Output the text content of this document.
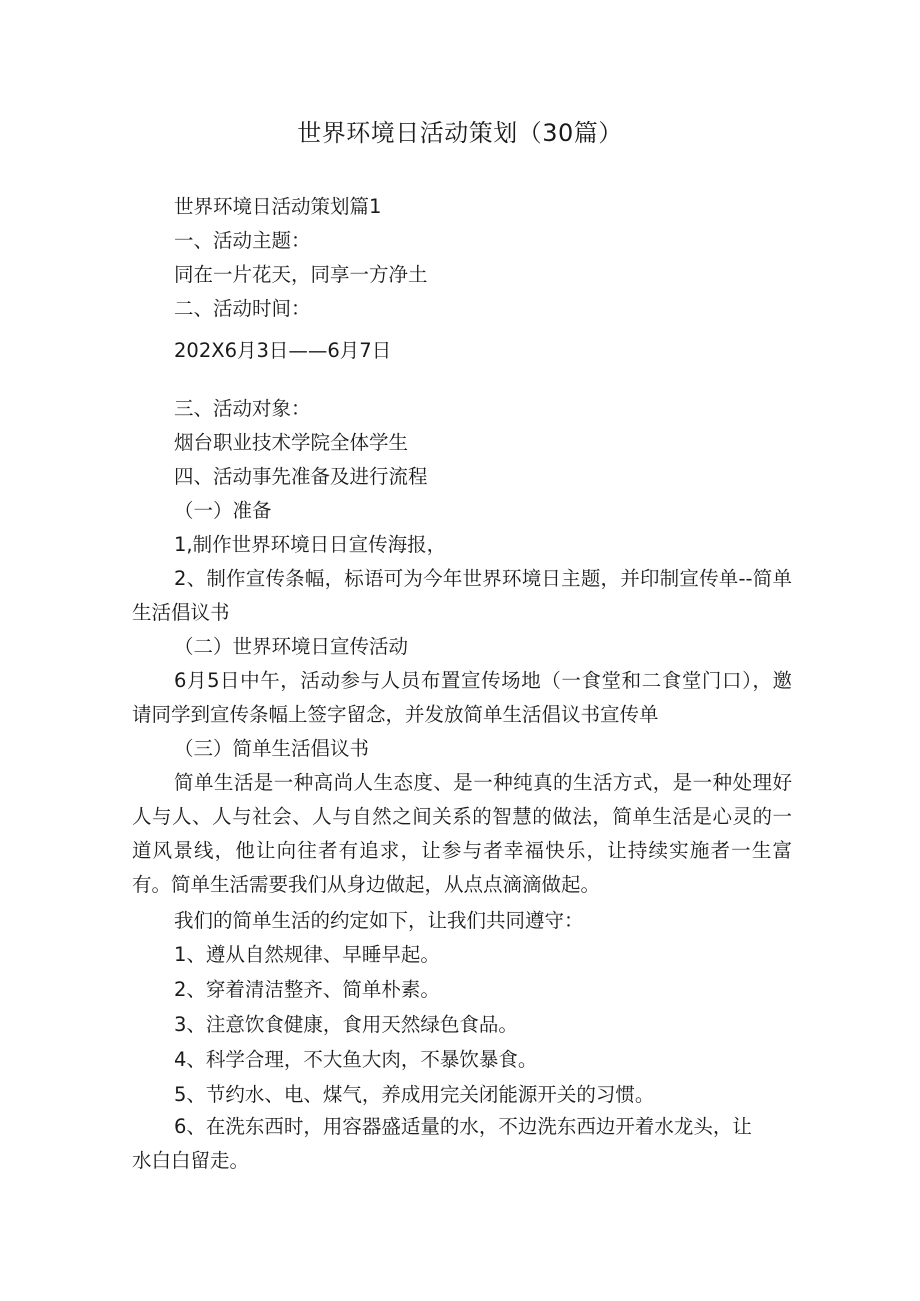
世界环境日活动策划（30篇）
世界环境日活动策划篇1
一、活动主题：
同在一片花天，同享一方净土
二、活动时间：
202X6月3日——6月7日
三、活动对象：
烟台职业技术学院全体学生
四、活动事先准备及进行流程
（一）准备
1,制作世界环境日日宣传海报，
2、制作宣传条幅，标语可为今年世界环境日主题，并印制宣传单--简单生活倡议书
（二）世界环境日宣传活动
6月5日中午，活动参与人员布置宣传场地（一食堂和二食堂门口），邀请同学到宣传条幅上签字留念，并发放简单生活倡议书宣传单
（三）简单生活倡议书
简单生活是一种高尚人生态度、是一种纯真的生活方式，是一种处理好人与人、人与社会、人与自然之间关系的智慧的做法，简单生活是心灵的一道风景线，他让向往者有追求，让参与者幸福快乐，让持续实施者一生富有。简单生活需要我们从身边做起，从点点滴滴做起。
我们的简单生活的约定如下，让我们共同遵守：
1、遵从自然规律、早睡早起。
2、穿着清洁整齐、简单朴素。
3、注意饮食健康，食用天然绿色食品。
4、科学合理，不大鱼大肉，不暴饮暴食。
5、节约水、电、煤气，养成用完关闭能源开关的习惯。
6、在洗东西时，用容器盛适量的水，不边洗东西边开着水龙头，让水白白留走。
